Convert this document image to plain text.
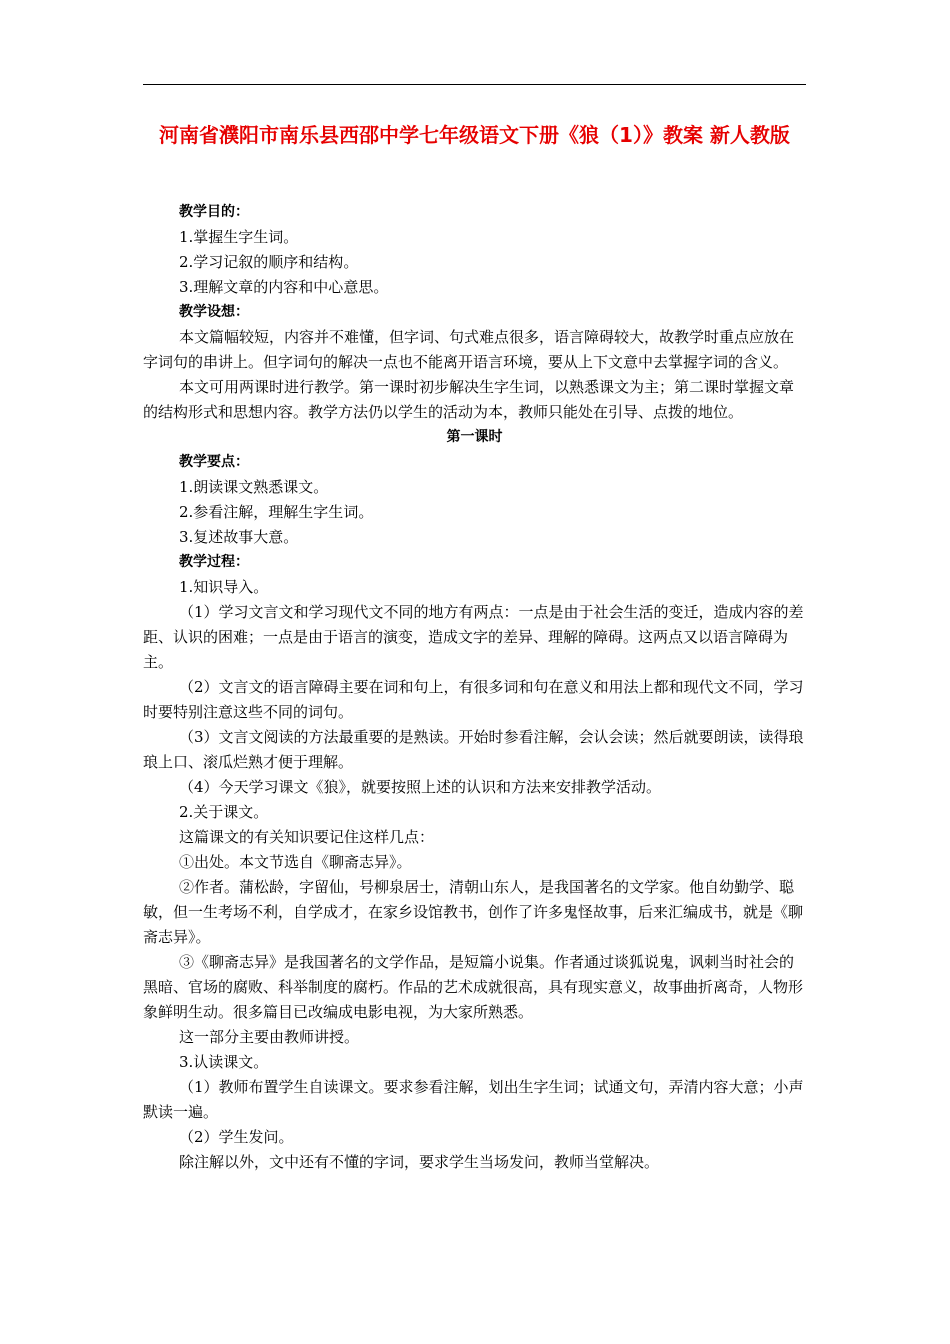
河南省濮阳市南乐县西邵中学七年级语文下册《狼（1）》教案 新人教版

教学目的：

1.掌握生字生词。

2.学习记叙的顺序和结构。

3.理解文章的内容和中心意思。

教学设想：

本文篇幅较短，内容并不难懂，但字词、句式难点很多，语言障碍较大，故教学时重点应放在字词句的串讲上。但字词句的解决一点也不能离开语言环境，要从上下文意中去掌握字词的含义。

本文可用两课时进行教学。第一课时初步解决生字生词，以熟悉课文为主；第二课时掌握文章的结构形式和思想内容。教学方法仍以学生的活动为本，教师只能处在引导、点拨的地位。

第一课时

教学要点：

1.朗读课文熟悉课文。

2.参看注解，理解生字生词。

3.复述故事大意。

教学过程：

1.知识导入。

（1）学习文言文和学习现代文不同的地方有两点：一点是由于社会生活的变迁，造成内容的差距、认识的困难；一点是由于语言的演变，造成文字的差异、理解的障碍。这两点又以语言障碍为主。

（2）文言文的语言障碍主要在词和句上，有很多词和句在意义和用法上都和现代文不同，学习时要特别注意这些不同的词句。

（3）文言文阅读的方法最重要的是熟读。开始时参看注解，会认会读；然后就要朗读，读得琅琅上口、滚瓜烂熟才便于理解。

（4）今天学习课文《狼》，就要按照上述的认识和方法来安排教学活动。

2.关于课文。

这篇课文的有关知识要记住这样几点：

①出处。本文节选自《聊斋志异》。

②作者。蒲松龄，字留仙，号柳泉居士，清朝山东人，是我国著名的文学家。他自幼勤学、聪敏，但一生考场不利，自学成才，在家乡设馆教书，创作了许多鬼怪故事，后来汇编成书，就是《聊斋志异》。

③《聊斋志异》是我国著名的文学作品，是短篇小说集。作者通过谈狐说鬼，讽刺当时社会的黑暗、官场的腐败、科举制度的腐朽。作品的艺术成就很高，具有现实意义，故事曲折离奇，人物形象鲜明生动。很多篇目已改编成电影电视，为大家所熟悉。

这一部分主要由教师讲授。

3.认读课文。

（1）教师布置学生自读课文。要求参看注解，划出生字生词；试通文句，弄清内容大意；小声默读一遍。

（2）学生发问。

除注解以外，文中还有不懂的字词，要求学生当场发问，教师当堂解决。
